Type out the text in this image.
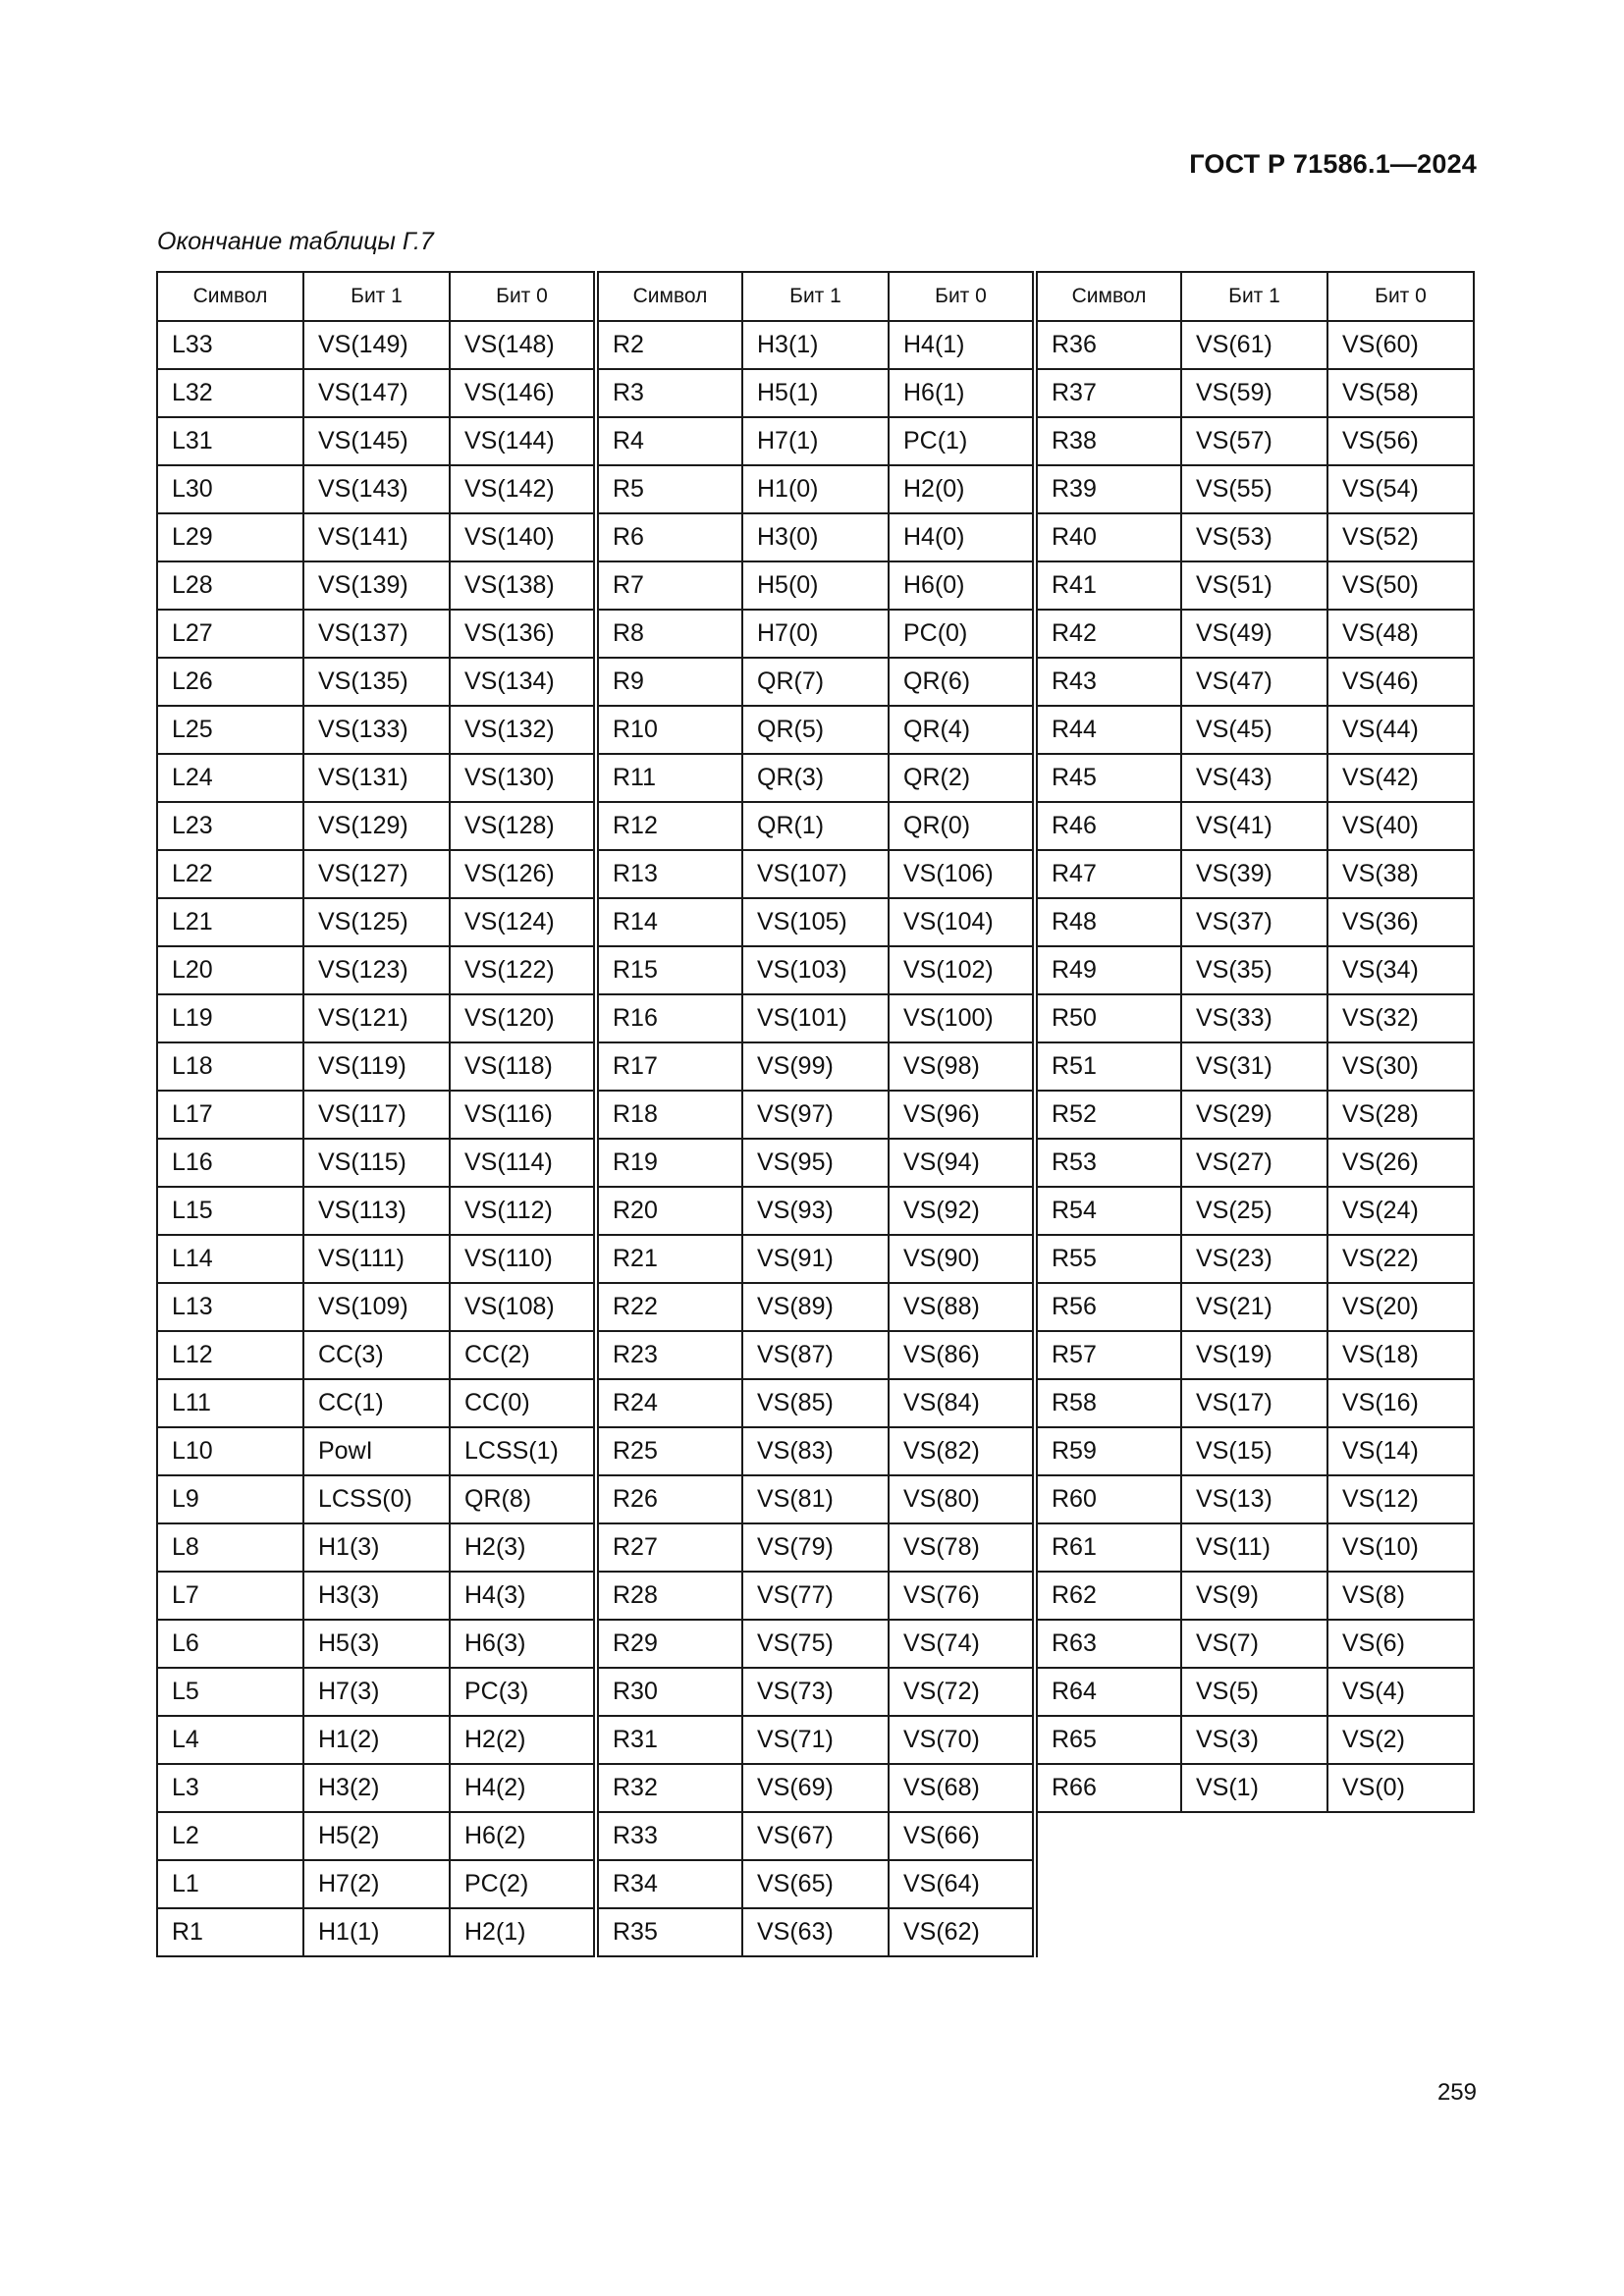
ГОСТ Р 71586.1—2024
Окончание таблицы Г.7
Символ	Бит 1	Бит 0	Символ	Бит 1	Бит 0	Символ	Бит 1	Бит 0
L33	VS(149)	VS(148)	R2	H3(1)	H4(1)	R36	VS(61)	VS(60)
L32	VS(147)	VS(146)	R3	H5(1)	H6(1)	R37	VS(59)	VS(58)
L31	VS(145)	VS(144)	R4	H7(1)	PC(1)	R38	VS(57)	VS(56)
L30	VS(143)	VS(142)	R5	H1(0)	H2(0)	R39	VS(55)	VS(54)
L29	VS(141)	VS(140)	R6	H3(0)	H4(0)	R40	VS(53)	VS(52)
L28	VS(139)	VS(138)	R7	H5(0)	H6(0)	R41	VS(51)	VS(50)
L27	VS(137)	VS(136)	R8	H7(0)	PC(0)	R42	VS(49)	VS(48)
L26	VS(135)	VS(134)	R9	QR(7)	QR(6)	R43	VS(47)	VS(46)
L25	VS(133)	VS(132)	R10	QR(5)	QR(4)	R44	VS(45)	VS(44)
L24	VS(131)	VS(130)	R11	QR(3)	QR(2)	R45	VS(43)	VS(42)
L23	VS(129)	VS(128)	R12	QR(1)	QR(0)	R46	VS(41)	VS(40)
L22	VS(127)	VS(126)	R13	VS(107)	VS(106)	R47	VS(39)	VS(38)
L21	VS(125)	VS(124)	R14	VS(105)	VS(104)	R48	VS(37)	VS(36)
L20	VS(123)	VS(122)	R15	VS(103)	VS(102)	R49	VS(35)	VS(34)
L19	VS(121)	VS(120)	R16	VS(101)	VS(100)	R50	VS(33)	VS(32)
L18	VS(119)	VS(118)	R17	VS(99)	VS(98)	R51	VS(31)	VS(30)
L17	VS(117)	VS(116)	R18	VS(97)	VS(96)	R52	VS(29)	VS(28)
L16	VS(115)	VS(114)	R19	VS(95)	VS(94)	R53	VS(27)	VS(26)
L15	VS(113)	VS(112)	R20	VS(93)	VS(92)	R54	VS(25)	VS(24)
L14	VS(111)	VS(110)	R21	VS(91)	VS(90)	R55	VS(23)	VS(22)
L13	VS(109)	VS(108)	R22	VS(89)	VS(88)	R56	VS(21)	VS(20)
L12	CC(3)	CC(2)	R23	VS(87)	VS(86)	R57	VS(19)	VS(18)
L11	CC(1)	CC(0)	R24	VS(85)	VS(84)	R58	VS(17)	VS(16)
L10	PowI	LCSS(1)	R25	VS(83)	VS(82)	R59	VS(15)	VS(14)
L9	LCSS(0)	QR(8)	R26	VS(81)	VS(80)	R60	VS(13)	VS(12)
L8	H1(3)	H2(3)	R27	VS(79)	VS(78)	R61	VS(11)	VS(10)
L7	H3(3)	H4(3)	R28	VS(77)	VS(76)	R62	VS(9)	VS(8)
L6	H5(3)	H6(3)	R29	VS(75)	VS(74)	R63	VS(7)	VS(6)
L5	H7(3)	PC(3)	R30	VS(73)	VS(72)	R64	VS(5)	VS(4)
L4	H1(2)	H2(2)	R31	VS(71)	VS(70)	R65	VS(3)	VS(2)
L3	H3(2)	H4(2)	R32	VS(69)	VS(68)	R66	VS(1)	VS(0)
L2	H5(2)	H6(2)	R33	VS(67)	VS(66)			
L1	H7(2)	PC(2)	R34	VS(65)	VS(64)			
R1	H1(1)	H2(1)	R35	VS(63)	VS(62)			
259
